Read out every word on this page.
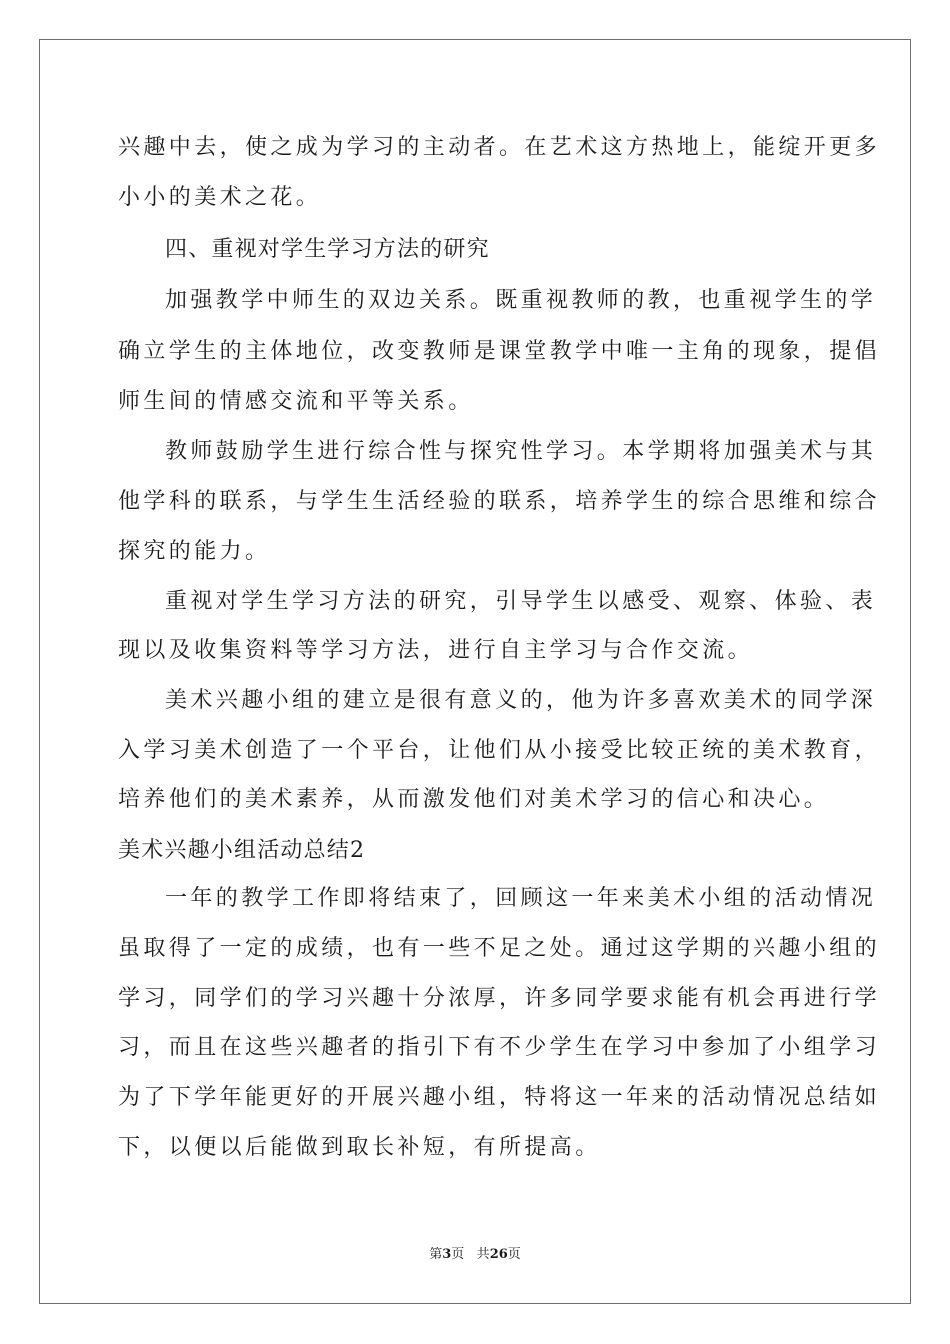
兴趣中去，使之成为学习的主动者。在艺术这方热地上，能绽开更多
小小的美术之花。
四、重视对学生学习方法的研究
加强教学中师生的双边关系。既重视教师的教，也重视学生的学
确立学生的主体地位，改变教师是课堂教学中唯一主角的现象，提倡
师生间的情感交流和平等关系。
教师鼓励学生进行综合性与探究性学习。本学期将加强美术与其
他学科的联系，与学生生活经验的联系，培养学生的综合思维和综合
探究的能力。
重视对学生学习方法的研究，引导学生以感受、观察、体验、表
现以及收集资料等学习方法，进行自主学习与合作交流。
美术兴趣小组的建立是很有意义的，他为许多喜欢美术的同学深
入学习美术创造了一个平台，让他们从小接受比较正统的美术教育，
培养他们的美术素养，从而激发他们对美术学习的信心和决心。
美术兴趣小组活动总结2
一年的教学工作即将结束了，回顾这一年来美术小组的活动情况
虽取得了一定的成绩，也有一些不足之处。通过这学期的兴趣小组的
学习，同学们的学习兴趣十分浓厚，许多同学要求能有机会再进行学
习，而且在这些兴趣者的指引下有不少学生在学习中参加了小组学习
为了下学年能更好的开展兴趣小组，特将这一年来的活动情况总结如
下，以便以后能做到取长补短，有所提高。
第3页 共26页
